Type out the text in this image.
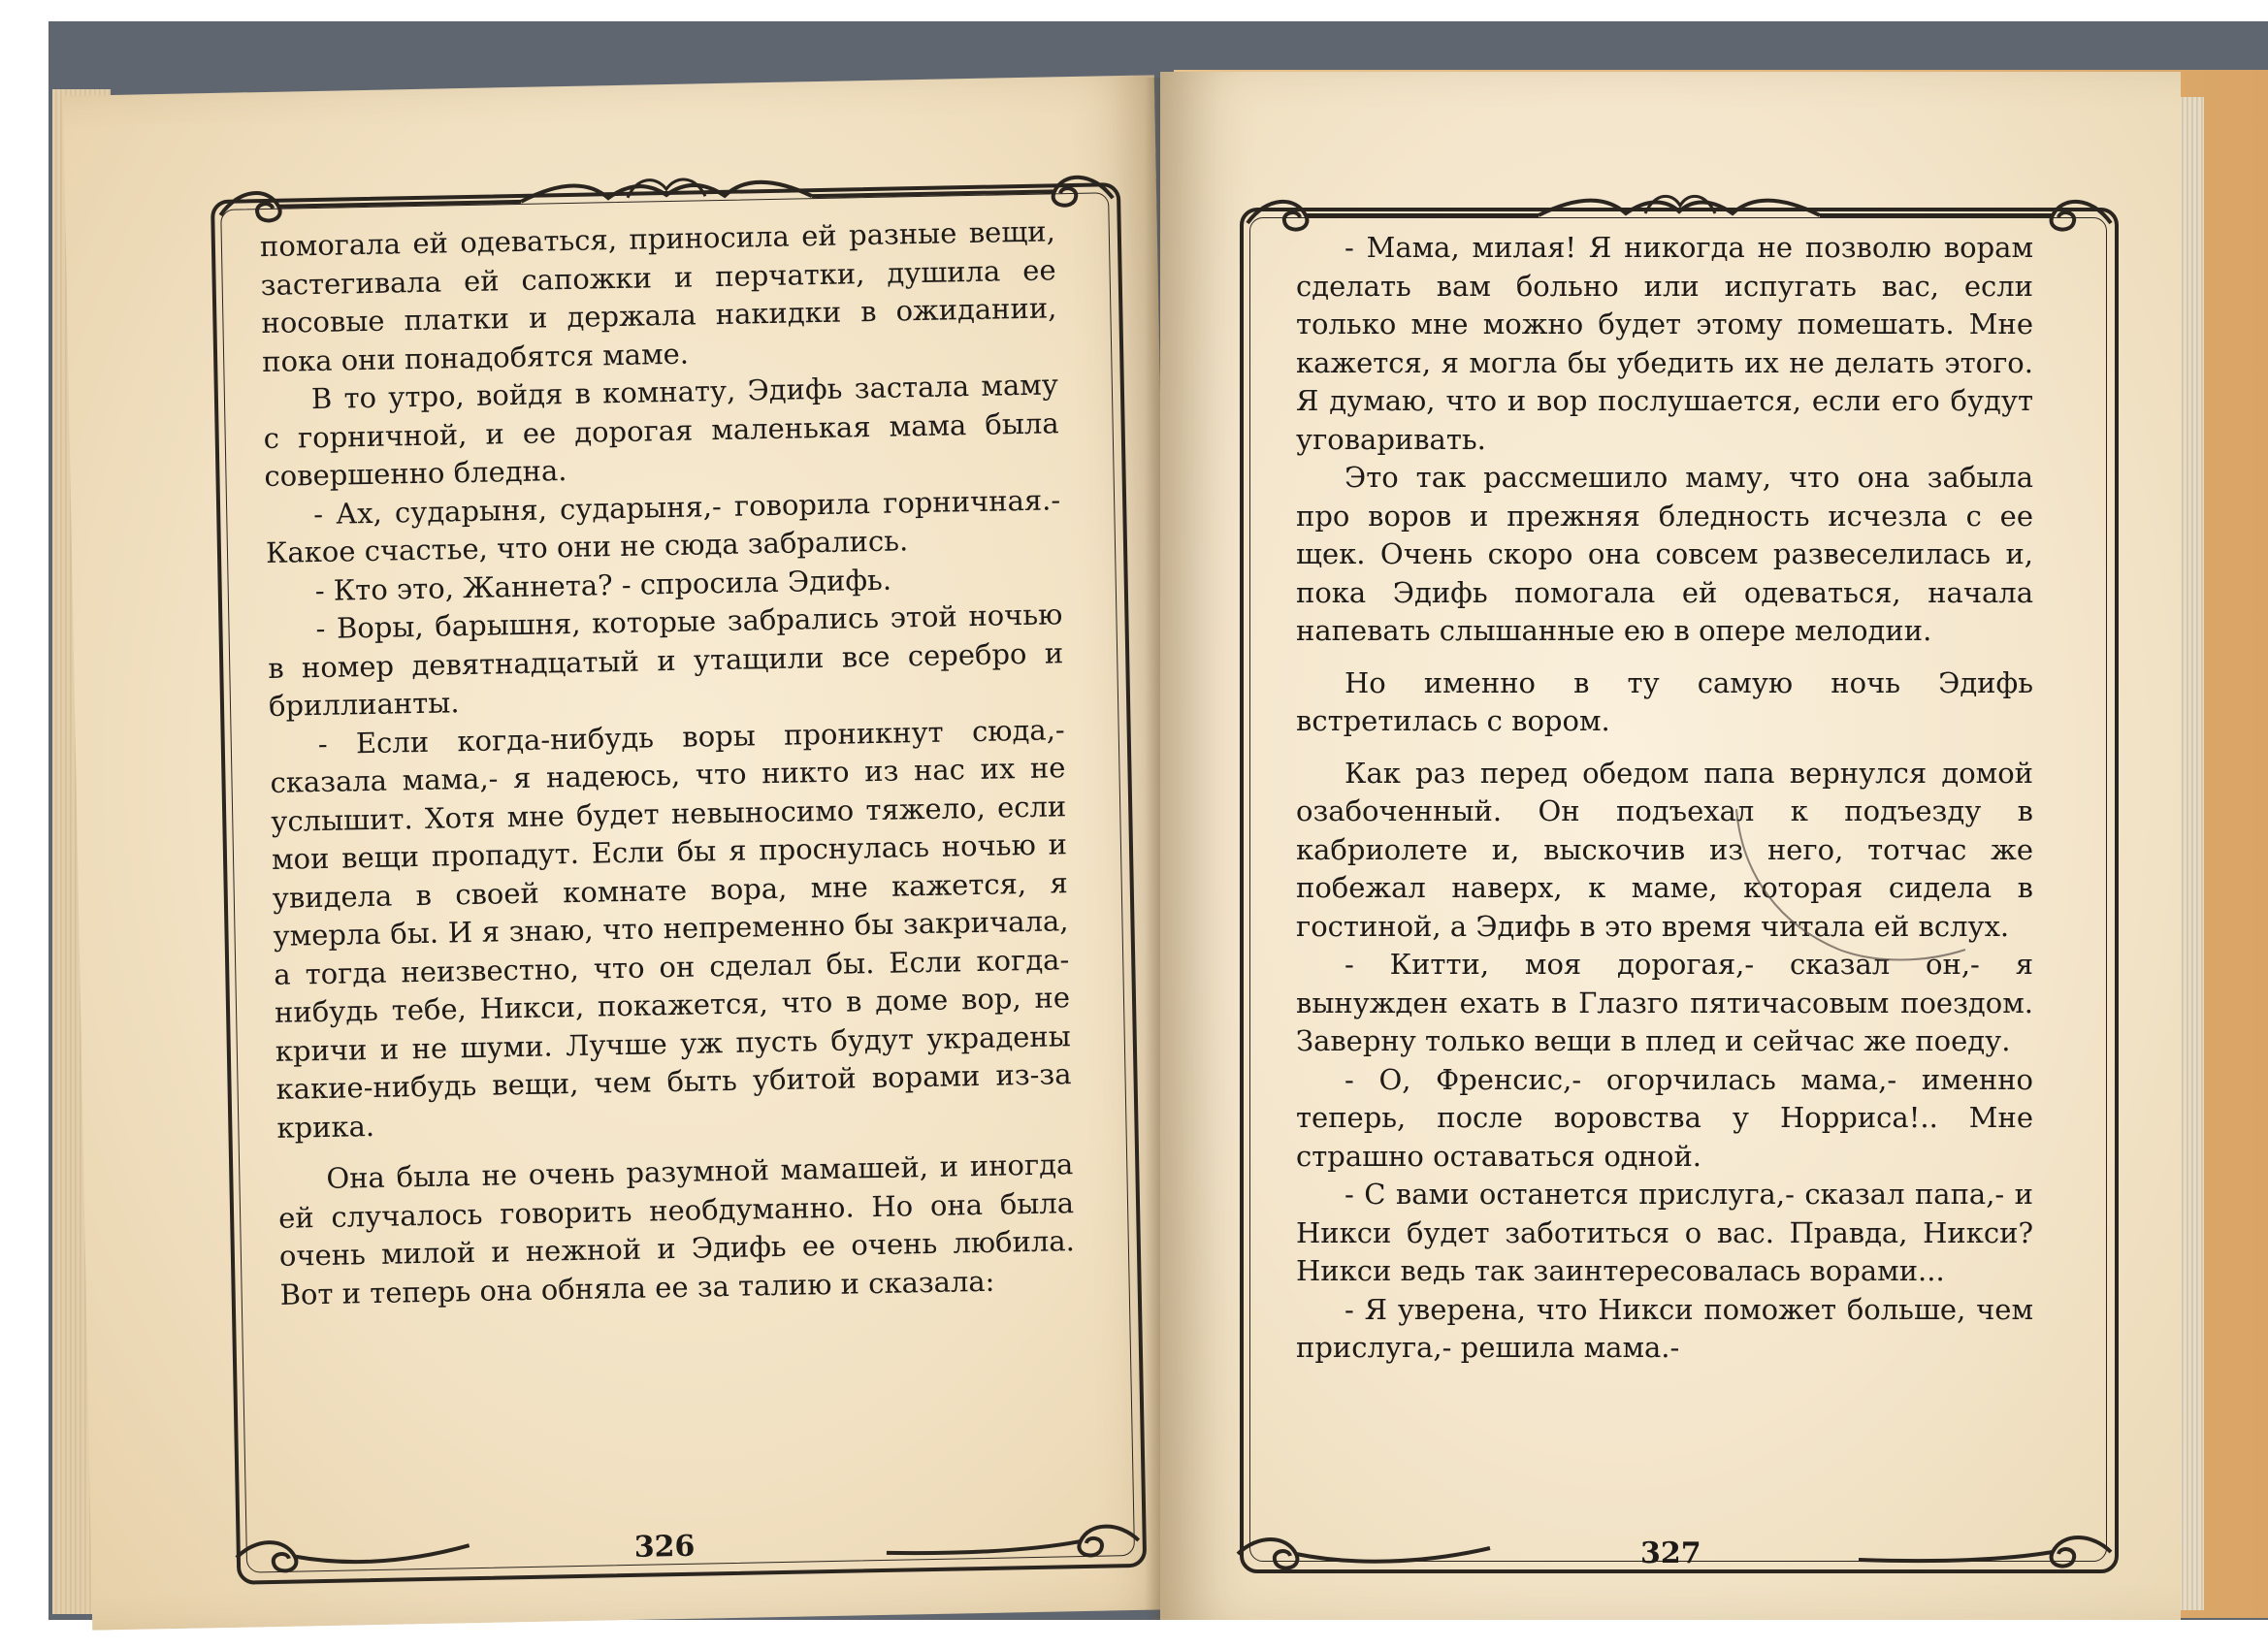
помогала ей одеваться, приносила ей разные вещи, застегивала ей сапожки и перчатки, душила ее носовые платки и держала накидки в ожидании, пока они понадобятся маме.

В то утро, войдя в комнату, Эдифь застала маму с горничной, и ее дорогая маленькая мама была совершенно бледна.

- Ах, сударыня, сударыня,- говорила горничная.- Какое счастье, что они не сюда забрались.

- Кто это, Жаннета? - спросила Эдифь.

- Воры, барышня, которые забрались этой ночью в номер девятнадцатый и утащили все серебро и бриллианты.

- Если когда-нибудь воры проникнут сюда,- сказала мама,- я надеюсь, что никто из нас их не услышит. Хотя мне будет невыносимо тяжело, если мои вещи пропадут. Если бы я проснулась ночью и увидела в своей комнате вора, мне кажется, я умерла бы. И я знаю, что непременно бы закричала, а тогда неизвестно, что он сделал бы. Если когда-нибудь тебе, Никси, покажется, что в доме вор, не кричи и не шуми. Лучше уж пусть будут украдены какие-нибудь вещи, чем быть убитой ворами из-за крика.

Она была не очень разумной мамашей, и иногда ей случалось говорить необдуманно. Но она была очень милой и нежной и Эдифь ее очень любила. Вот и теперь она обняла ее за талию и сказала:

326

- Мама, милая! Я никогда не позволю ворам сделать вам больно или испугать вас, если только мне можно будет этому помешать. Мне кажется, я могла бы убедить их не делать этого. Я думаю, что и вор послушается, если его будут уговаривать.

Это так рассмешило маму, что она забыла про воров и прежняя бледность исчезла с ее щек. Очень скоро она совсем развеселилась и, пока Эдифь помогала ей одеваться, начала напевать слышанные ею в опере мелодии.

Но именно в ту самую ночь Эдифь встретилась с вором.

Как раз перед обедом папа вернулся домой озабоченный. Он подъехал к подъезду в кабриолете и, выскочив из него, тотчас же побежал наверх, к маме, которая сидела в гостиной, а Эдифь в это время читала ей вслух.

- Китти, моя дорогая,- сказал он,- я вынужден ехать в Глазго пятичасовым поездом. Заверну только вещи в плед и сейчас же поеду.

- О, Френсис,- огорчилась мама,- именно теперь, после воровства у Норриса!.. Мне страшно оставаться одной.

- С вами останется прислуга,- сказал папа,- и Никси будет заботиться о вас. Правда, Никси? Никси ведь так заинтересовалась ворами...

- Я уверена, что Никси поможет больше, чем прислуга,- решила мама.-

327
